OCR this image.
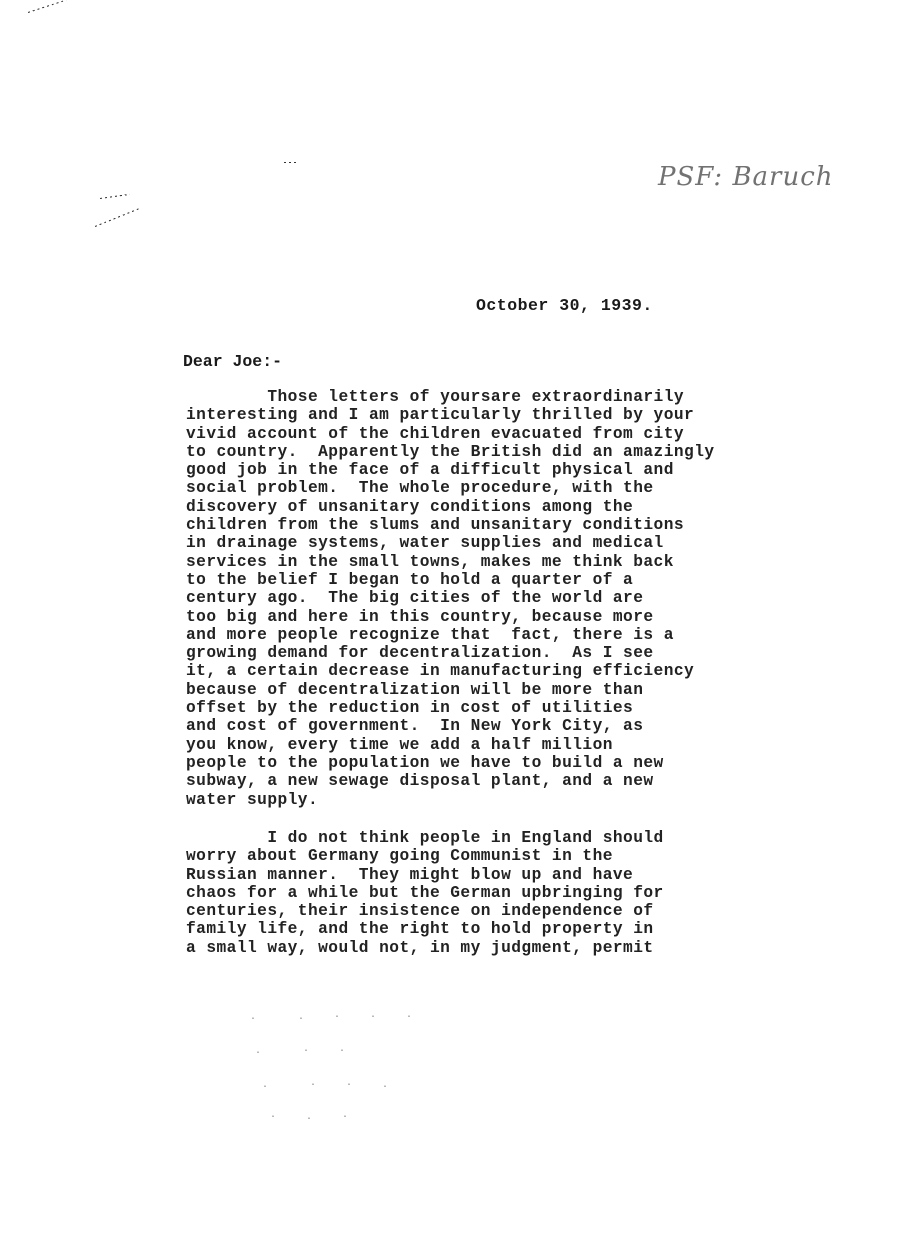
PSF: Baruch
October 30, 1939.
Dear Joe:-
Those letters of yoursare extraordinarily
interesting and I am particularly thrilled by your
vivid account of the children evacuated from city
to country.  Apparently the British did an amazingly
good job in the face of a difficult physical and
social problem.  The whole procedure, with the
discovery of unsanitary conditions among the
children from the slums and unsanitary conditions
in drainage systems, water supplies and medical
services in the small towns, makes me think back
to the belief I began to hold a quarter of a
century ago.  The big cities of the world are
too big and here in this country, because more
and more people recognize that  fact, there is a
growing demand for decentralization.  As I see
it, a certain decrease in manufacturing efficiency
because of decentralization will be more than
offset by the reduction in cost of utilities
and cost of government.  In New York City, as
you know, every time we add a half million
people to the population we have to build a new
subway, a new sewage disposal plant, and a new
water supply.
I do not think people in England should
worry about Germany going Communist in the
Russian manner.  They might blow up and have
chaos for a while but the German upbringing for
centuries, their insistence on independence of
family life, and the right to hold property in
a small way, would not, in my judgment, permit
.   .  ·  ·  ·
.   ·  ·
.   ·  ·  .
·  .  ·
